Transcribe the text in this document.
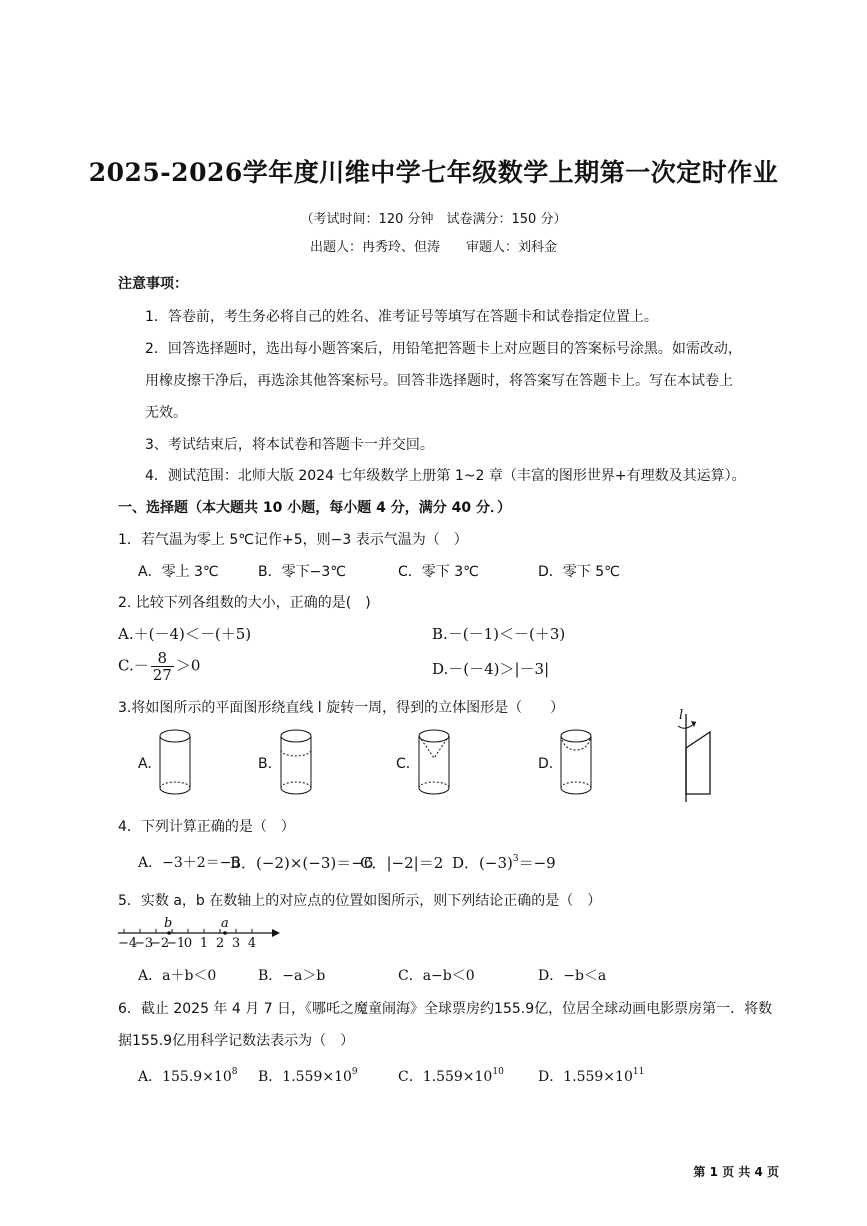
2025-2026学年度川维中学七年级数学上期第一次定时作业
（考试时间：120 分钟　试卷满分：150 分）
出题人：冉秀玲、但涛　　审题人：刘科金
注意事项：
1．答卷前，考生务必将自己的姓名、准考证号等填写在答题卡和试卷指定位置上。
2．回答选择题时，选出每小题答案后，用铅笔把答题卡上对应题目的答案标号涂黑。如需改动，
用橡皮擦干净后，再选涂其他答案标号。回答非选择题时，将答案写在答题卡上。写在本试卷上
无效。
3、考试结束后，将本试卷和答题卡一并交回。
4．测试范围：北师大版 2024 七年级数学上册第 1~2 章（丰富的图形世界+有理数及其运算）。
一、选择题（本大题共 10 小题，每小题 4 分，满分 40 分．）
1．若气温为零上 5℃记作+5，则−3 表示气温为（　）
A．零上 3℃	B．零下−3℃	C．零下 3℃	D．零下 5℃
2. 比较下列各组数的大小，正确的是(　)
A.＋(－4)＜－(＋5)	B.－(－1)＜－(＋3)
$C.- \frac{8}{27} >0$	D.－(－4)＞|－3|
3.将如图所示的平面图形绕直线 l 旋转一周，得到的立体图形是（　　）
A.	B.	C.	D.
l
4．下列计算正确的是（　）
A．−3＋2＝−5
B．(−2)×(−3)＝−6
C．|−2|＝2 D．$(-3)^3=-9$
5．实数 a，b 在数轴上的对应点的位置如图所示，则下列结论正确的是（　）
b	a
−4
−3
−2
−1
0 1 2 3 4
A．a＋b＜0	B．−a＞b	C．a−b＜0	D．−b＜a
6．截止 2025 年 4 月 7 日，《哪吒之魔童闹海》全球票房约155.9亿，位居全球动画电影票房第一．将数
据155.9亿用科学记数法表示为（　）
A．$155.9\times 10^8$ B．$1.559\times 10^9$	C．$1.559\times 10^{10}$ D．$1.559\times 10^{11}$
第 1 页 共 4 页
